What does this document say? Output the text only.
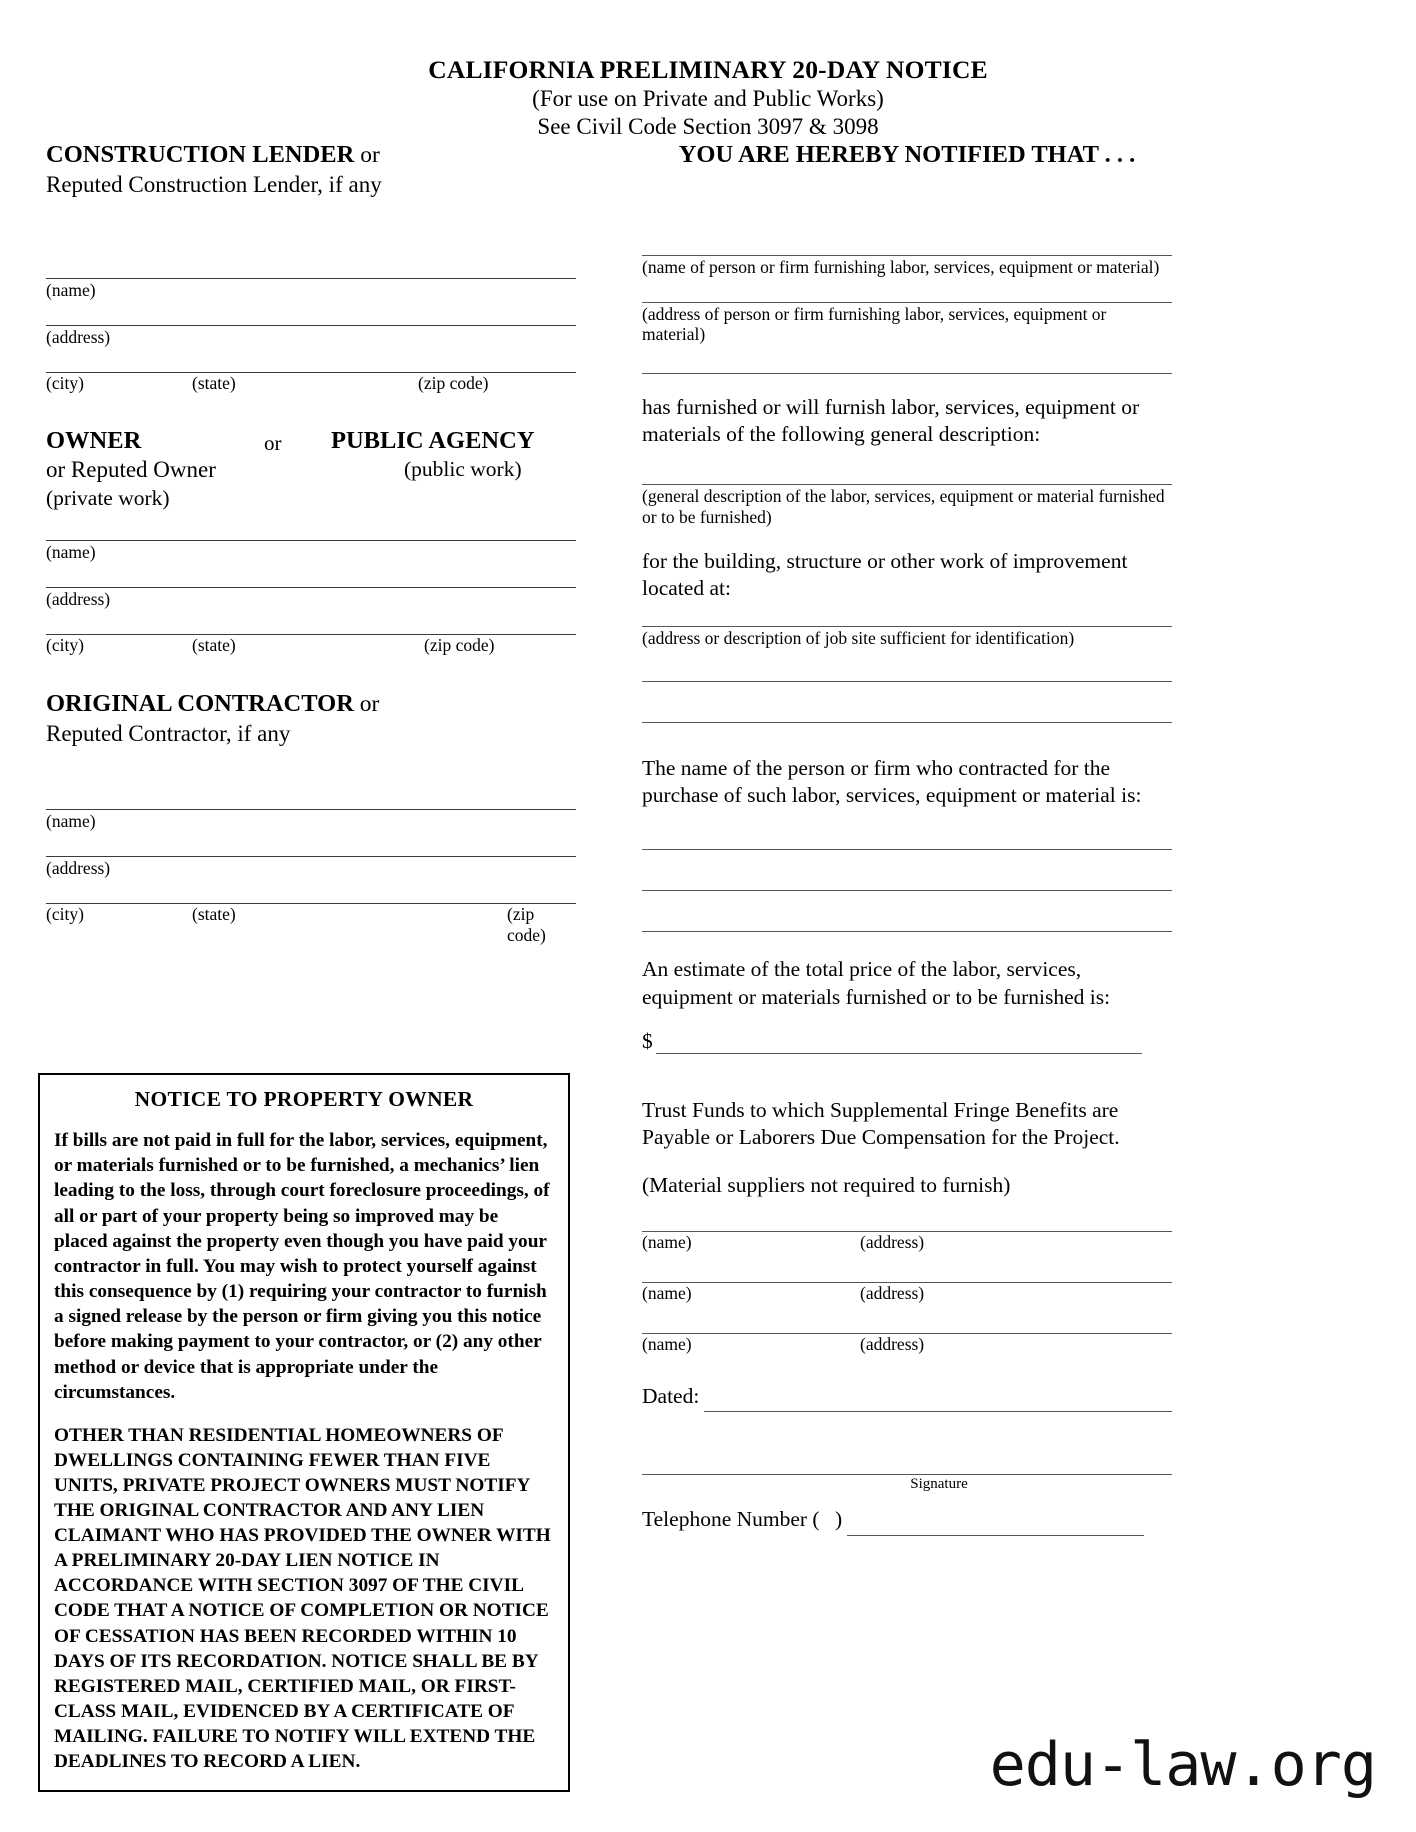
CALIFORNIA PRELIMINARY 20-DAY NOTICE
(For use on Private and Public Works)
See Civil Code Section 3097 & 3098
CONSTRUCTION LENDER or
Reputed Construction Lender, if any
(name)
(address)
(city)	(state)	(zip code)
OWNER	or PUBLIC AGENCY
or Reputed Owner	(public work)
(private work)
(name)
(address)
(city)	(state)	(zip code)
ORIGINAL CONTRACTOR or
Reputed Contractor, if any
(name)
(address)
(city)	(state)	(zip code)
NOTICE TO PROPERTY OWNER
If bills are not paid in full for the labor, services, equipment, or materials furnished or to be furnished, a mechanics’ lien leading to the loss, through court foreclosure proceedings, of all or part of your property being so improved may be placed against the property even though you have paid your contractor in full. You may wish to protect yourself against this consequence by (1) requiring your contractor to furnish a signed release by the person or firm giving you this notice before making payment to your contractor, or (2) any other method or device that is appropriate under the circumstances.
OTHER THAN RESIDENTIAL HOMEOWNERS OF DWELLINGS CONTAINING FEWER THAN FIVE UNITS, PRIVATE PROJECT OWNERS MUST NOTIFY THE ORIGINAL CONTRACTOR AND ANY LIEN CLAIMANT WHO HAS PROVIDED THE OWNER WITH A PRELIMINARY 20-DAY LIEN NOTICE IN ACCORDANCE WITH SECTION 3097 OF THE CIVIL CODE THAT A NOTICE OF COMPLETION OR NOTICE OF CESSATION HAS BEEN RECORDED WITHIN 10 DAYS OF ITS RECORDATION. NOTICE SHALL BE BY REGISTERED MAIL, CERTIFIED MAIL, OR FIRST-CLASS MAIL, EVIDENCED BY A CERTIFICATE OF MAILING. FAILURE TO NOTIFY WILL EXTEND THE DEADLINES TO RECORD A LIEN.
YOU ARE HEREBY NOTIFIED THAT . . .
(name of person or firm furnishing labor, services, equipment or material)
(address of person or firm furnishing labor, services, equipment or material)
has furnished or will furnish labor, services, equipment or materials of the following general description:
(general description of the labor, services, equipment or material furnished or to be furnished)
for the building, structure or other work of improvement located at:
(address or description of job site sufficient for identification)
The name of the person or firm who contracted for the purchase of such labor, services, equipment or material is:
An estimate of the total price of the labor, services, equipment or materials furnished or to be furnished is:
$
Trust Funds to which Supplemental Fringe Benefits are Payable or Laborers Due Compensation for the Project.
(Material suppliers not required to furnish)
(name)	(address)
(name)	(address)
(name)	(address)
Dated:
Signature
Telephone Number ( )
edu-law.org
